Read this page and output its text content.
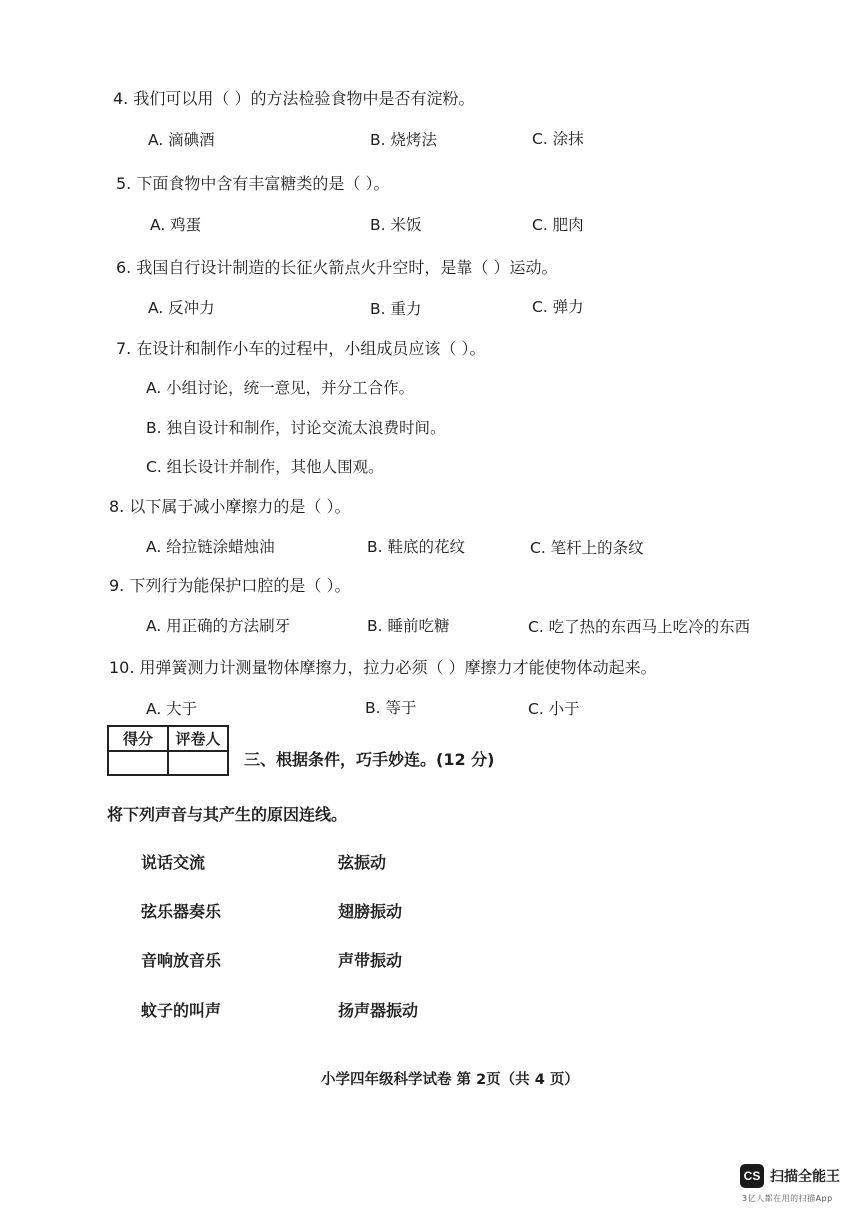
4. 我们可以用（ ）的方法检验食物中是否有淀粉。
A. 滴碘酒	B. 烧烤法	C. 涂抹
5. 下面食物中含有丰富糖类的是（ ）。
A. 鸡蛋	B. 米饭	C. 肥肉
6. 我国自行设计制造的长征火箭点火升空时，是靠（ ）运动。
A. 反冲力	B. 重力	C. 弹力
7. 在设计和制作小车的过程中，小组成员应该（ ）。
A. 小组讨论，统一意见，并分工合作。
B. 独自设计和制作，讨论交流太浪费时间。
C. 组长设计并制作，其他人围观。
8. 以下属于减小摩擦力的是（ ）。
A. 给拉链涂蜡烛油	B. 鞋底的花纹	C. 笔杆上的条纹
9. 下列行为能保护口腔的是（ ）。
A. 用正确的方法刷牙	B. 睡前吃糖	C. 吃了热的东西马上吃冷的东西
10. 用弹簧测力计测量物体摩擦力，拉力必须（ ）摩擦力才能使物体动起来。
A. 大于	B. 等于	C. 小于
得分	评卷人

三、根据条件，巧手妙连。(12 分)
将下列声音与其产生的原因连线。
说话交流
弦乐器奏乐
音响放音乐
蚊子的叫声
弦振动
翅膀振动
声带振动
扬声器振动
小学四年级科学试卷 第 2页（共 4 页）
CS 扫描全能王
3亿人都在用的扫描App
